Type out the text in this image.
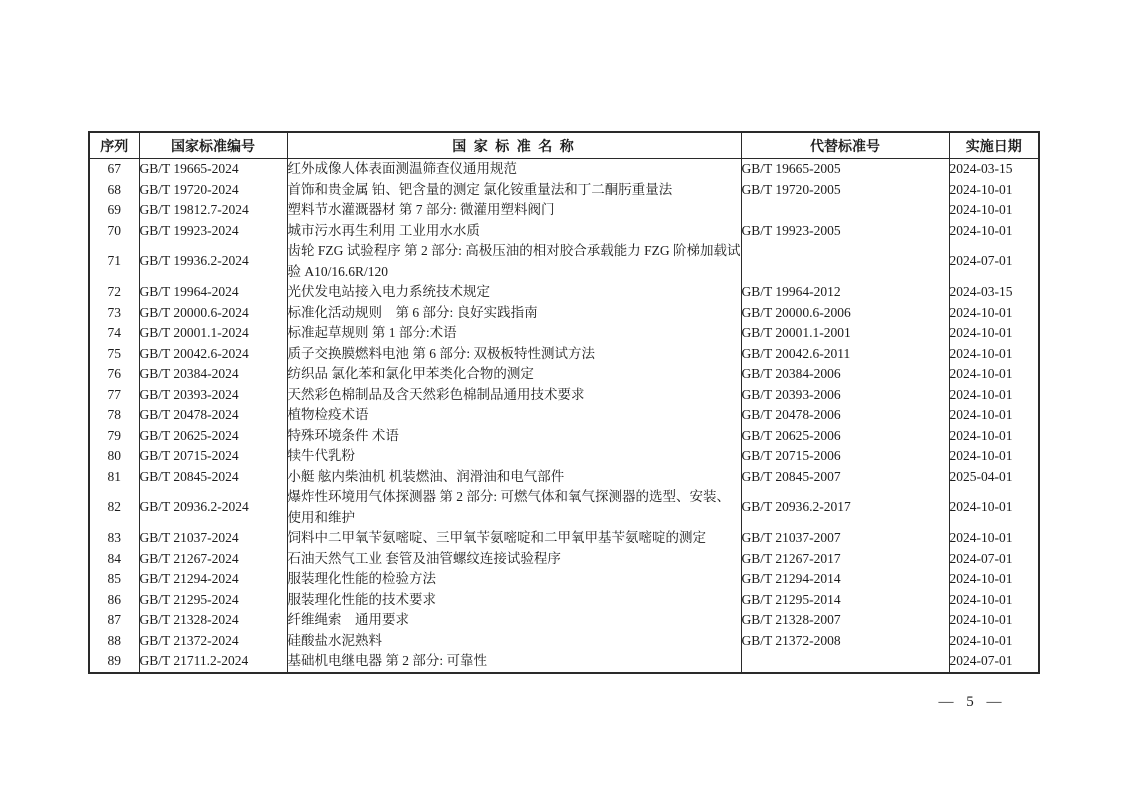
序列	国家标准编号	国 家 标 准 名 称	代替标准号	实施日期
67	GB/T 19665-2024	红外成像人体表面测温筛查仪通用规范	GB/T 19665-2005	2024-03-15
68	GB/T 19720-2024	首饰和贵金属 铂、钯含量的测定 氯化铵重量法和丁二酮肟重量法	GB/T 19720-2005	2024-10-01
69	GB/T 19812.7-2024	塑料节水灌溉器材 第 7 部分: 微灌用塑料阀门		2024-10-01
70	GB/T 19923-2024	城市污水再生利用 工业用水水质	GB/T 19923-2005	2024-10-01
71	GB/T 19936.2-2024	齿轮 FZG 试验程序 第 2 部分: 高极压油的相对胶合承载能力 FZG 阶梯加载试验 A10/16.6R/120		2024-07-01
72	GB/T 19964-2024	光伏发电站接入电力系统技术规定	GB/T 19964-2012	2024-03-15
73	GB/T 20000.6-2024	标准化活动规则　第 6 部分: 良好实践指南	GB/T 20000.6-2006	2024-10-01
74	GB/T 20001.1-2024	标准起草规则 第 1 部分:术语	GB/T 20001.1-2001	2024-10-01
75	GB/T 20042.6-2024	质子交换膜燃料电池 第 6 部分: 双极板特性测试方法	GB/T 20042.6-2011	2024-10-01
76	GB/T 20384-2024	纺织品 氯化苯和氯化甲苯类化合物的测定	GB/T 20384-2006	2024-10-01
77	GB/T 20393-2024	天然彩色棉制品及含天然彩色棉制品通用技术要求	GB/T 20393-2006	2024-10-01
78	GB/T 20478-2024	植物检疫术语	GB/T 20478-2006	2024-10-01
79	GB/T 20625-2024	特殊环境条件 术语	GB/T 20625-2006	2024-10-01
80	GB/T 20715-2024	犊牛代乳粉	GB/T 20715-2006	2024-10-01
81	GB/T 20845-2024	小艇 舷内柴油机 机装燃油、润滑油和电气部件	GB/T 20845-2007	2025-04-01
82	GB/T 20936.2-2024	爆炸性环境用气体探测器 第 2 部分: 可燃气体和氧气探测器的选型、安装、使用和维护	GB/T 20936.2-2017	2024-10-01
83	GB/T 21037-2024	饲料中二甲氧苄氨嘧啶、三甲氧苄氨嘧啶和二甲氧甲基苄氨嘧啶的测定	GB/T 21037-2007	2024-10-01
84	GB/T 21267-2024	石油天然气工业 套管及油管螺纹连接试验程序	GB/T 21267-2017	2024-07-01
85	GB/T 21294-2024	服装理化性能的检验方法	GB/T 21294-2014	2024-10-01
86	GB/T 21295-2024	服装理化性能的技术要求	GB/T 21295-2014	2024-10-01
87	GB/T 21328-2024	纤维绳索　通用要求	GB/T 21328-2007	2024-10-01
88	GB/T 21372-2024	硅酸盐水泥熟料	GB/T 21372-2008	2024-10-01
89	GB/T 21711.2-2024	基础机电继电器 第 2 部分: 可靠性		2024-07-01
— 5 —
